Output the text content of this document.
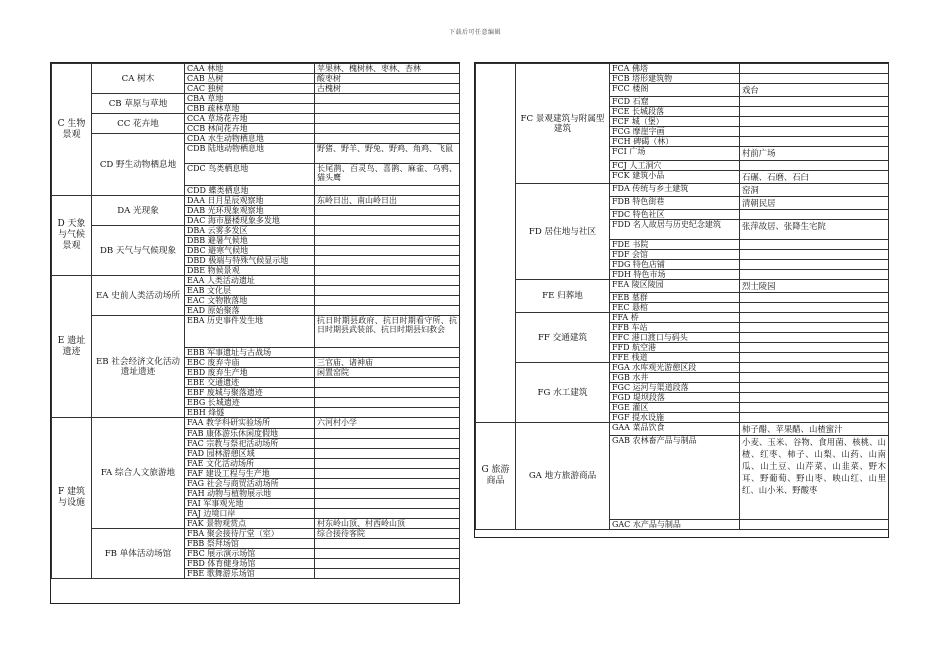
下载后可任意编辑
C 生物景观	CA 树木	CAA 林地	苹果林、槐树林、枣林、杏林
		CAB 丛树	酸枣树
		CAC 独树	古槐树
	CB 草原与草地	CBA 草地	
		CBB 疏林草地	
	CC 花卉地	CCA 草场花卉地	
		CCB 林间花卉地	
	CD 野生动物栖息地	CDA 水生动物栖息地	
		CDB 陆地动物栖息地	野猪、野羊、野兔、野鸡、角鸡、飞鼠
		CDC 鸟类栖息地	长尾鹊、百灵鸟、喜鹊、麻雀、乌鸦、猫头鹰
		CDD 蝶类栖息地	
D 天象与气候景观	DA 光现象	DAA 日月星辰观察地	东岭日出、南山岭日出
		DAB 光环现象观察地	
		DAC 海市蜃楼现象多发地	
	DB 天气与气候现象	DBA 云雾多发区	
		DBB 避暑气候地	
		DBC 避寒气候地	
		DBD 极端与特殊气候显示地	
		DBE 物候景观	
E 遗址遗迹	EA 史前人类活动场所	EAA 人类活动遗址	
		EAB 文化层	
		EAC 文物散落地	
		EAD 原始聚落	
	EB 社会经济文化活动遗址遗迹	EBA 历史事件发生地	抗日时期县政府、抗日时期看守所、抗日时期县武装部、抗日时期县妇救会
		EBB 军事遗址与古战场	
		EBC 废弃寺庙	三官庙、诸神庙
		EBD 废弃生产地	闲置窑院
		EBE 交通遗迹	
		EBF 废城与聚落遗迹	
		EBG 长城遗迹	
		EBH 烽燧	
F 建筑与设施	FA 综合人文旅游地	FAA 教学科研实验场所	六河村小学
		FAB 康体游乐休闲度假地	
		FAC 宗教与祭祀活动场所	
		FAD 园林游憩区域	
		FAE 文化活动场所	
		FAF 建设工程与生产地	
		FAG 社会与商贸活动场所	
		FAH 动物与植物展示地	
		FAI 军事观光地	
		FAJ 边境口岸	
		FAK 景物观赏点	村东岭山顶、村西岭山顶
	FB 单体活动场馆	FBA 聚会接待厅堂（室）	综合接待客院
		FBB 祭拜场馆	
		FBC 展示演示场馆	
		FBD 体育健身场馆	
		FBE 歌舞游乐场馆	
	FC 景观建筑与附属型建筑	FCA 佛塔	
		FCB 塔形建筑物	
		FCC 楼阁	戏台
		FCD 石窟	
		FCE 长城段落	
		FCF 城（堡）	
		FCG 摩崖字画	
		FCH 碑碣（林）	
		FCI 广场	村前广场
		FCJ 人工洞穴	
		FCK 建筑小品	石碾、石磨、石臼
	FD 居住地与社区	FDA 传统与乡土建筑	窑洞
		FDB 特色街巷	清朝民居
		FDC 特色社区	
		FDD 名人故居与历史纪念建筑	张萍故居、张降生宅院
		FDE 书院	
		FDF 会馆	
		FDG 特色店铺	
		FDH 特色市场	
	FE 归葬地	FEA 陵区陵园	烈士陵园
		FEB 墓群	
		FEC 悬棺	
	FF 交通建筑	FFA 桥	
		FFB 车站	
		FFC 港口渡口与码头	
		FFD 航空港	
		FFE 栈道	
	FG 水工建筑	FGA 水库观光游憩区段	
		FGB 水井	
		FGC 运河与渠道段落	
		FGD 堤坝段落	
		FGE 灌区	
		FGF 提水设施	
G 旅游商品	GA 地方旅游商品	GAA 菜品饮食	柿子醋、苹果醋、山楂蜜汁
		GAB 农林畜产品与制品	小麦、玉米、谷物、食用菌、核桃、山楂、红枣、柿子、山梨、山药、山南瓜、山土豆、山芹菜、山韭菜、野木耳、野葡萄、野山枣、映山红、山里红、山小米、野酸枣
		GAC 水产品与制品	
